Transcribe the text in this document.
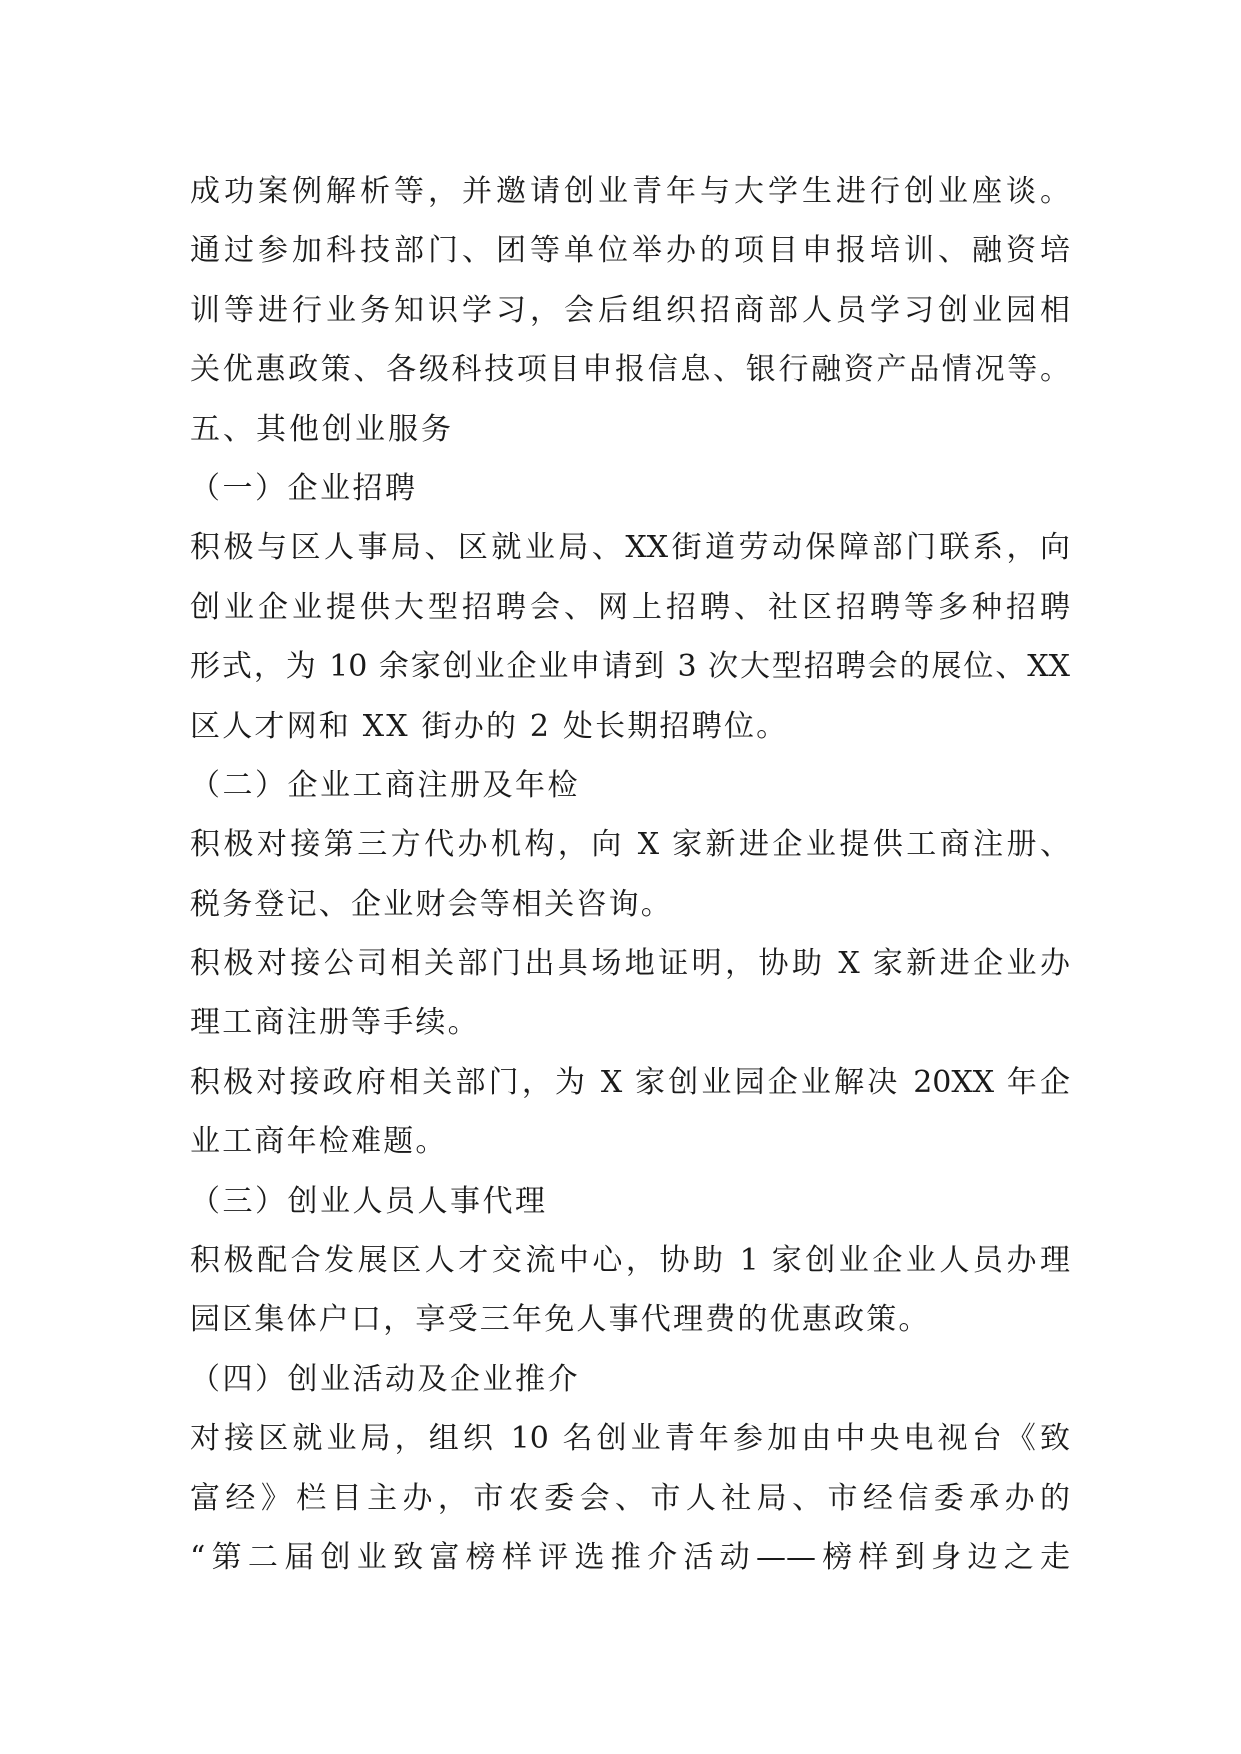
成功案例解析等，并邀请创业青年与大学生进行创业座谈。
通过参加科技部门、团等单位举办的项目申报培训、融资培
训等进行业务知识学习，会后组织招商部人员学习创业园相
关优惠政策、各级科技项目申报信息、银行融资产品情况等。
五、其他创业服务
（一）企业招聘
积极与区人事局、区就业局、XX街道劳动保障部门联系，向
创业企业提供大型招聘会、网上招聘、社区招聘等多种招聘
形式，为 10 余家创业企业申请到 3 次大型招聘会的展位、XX
区人才网和 XX 街办的 2 处长期招聘位。
（二）企业工商注册及年检
积极对接第三方代办机构，向 X 家新进企业提供工商注册、
税务登记、企业财会等相关咨询。
积极对接公司相关部门出具场地证明，协助 X 家新进企业办
理工商注册等手续。
积极对接政府相关部门，为 X 家创业园企业解决 20XX 年企
业工商年检难题。
（三）创业人员人事代理
积极配合发展区人才交流中心，协助 1 家创业企业人员办理
园区集体户口，享受三年免人事代理费的优惠政策。
（四）创业活动及企业推介
对接区就业局，组织 10 名创业青年参加由中央电视台《致
富经》栏目主办，市农委会、市人社局、市经信委承办的
“第二届创业致富榜样评选推介活动——榜样到身边之走
